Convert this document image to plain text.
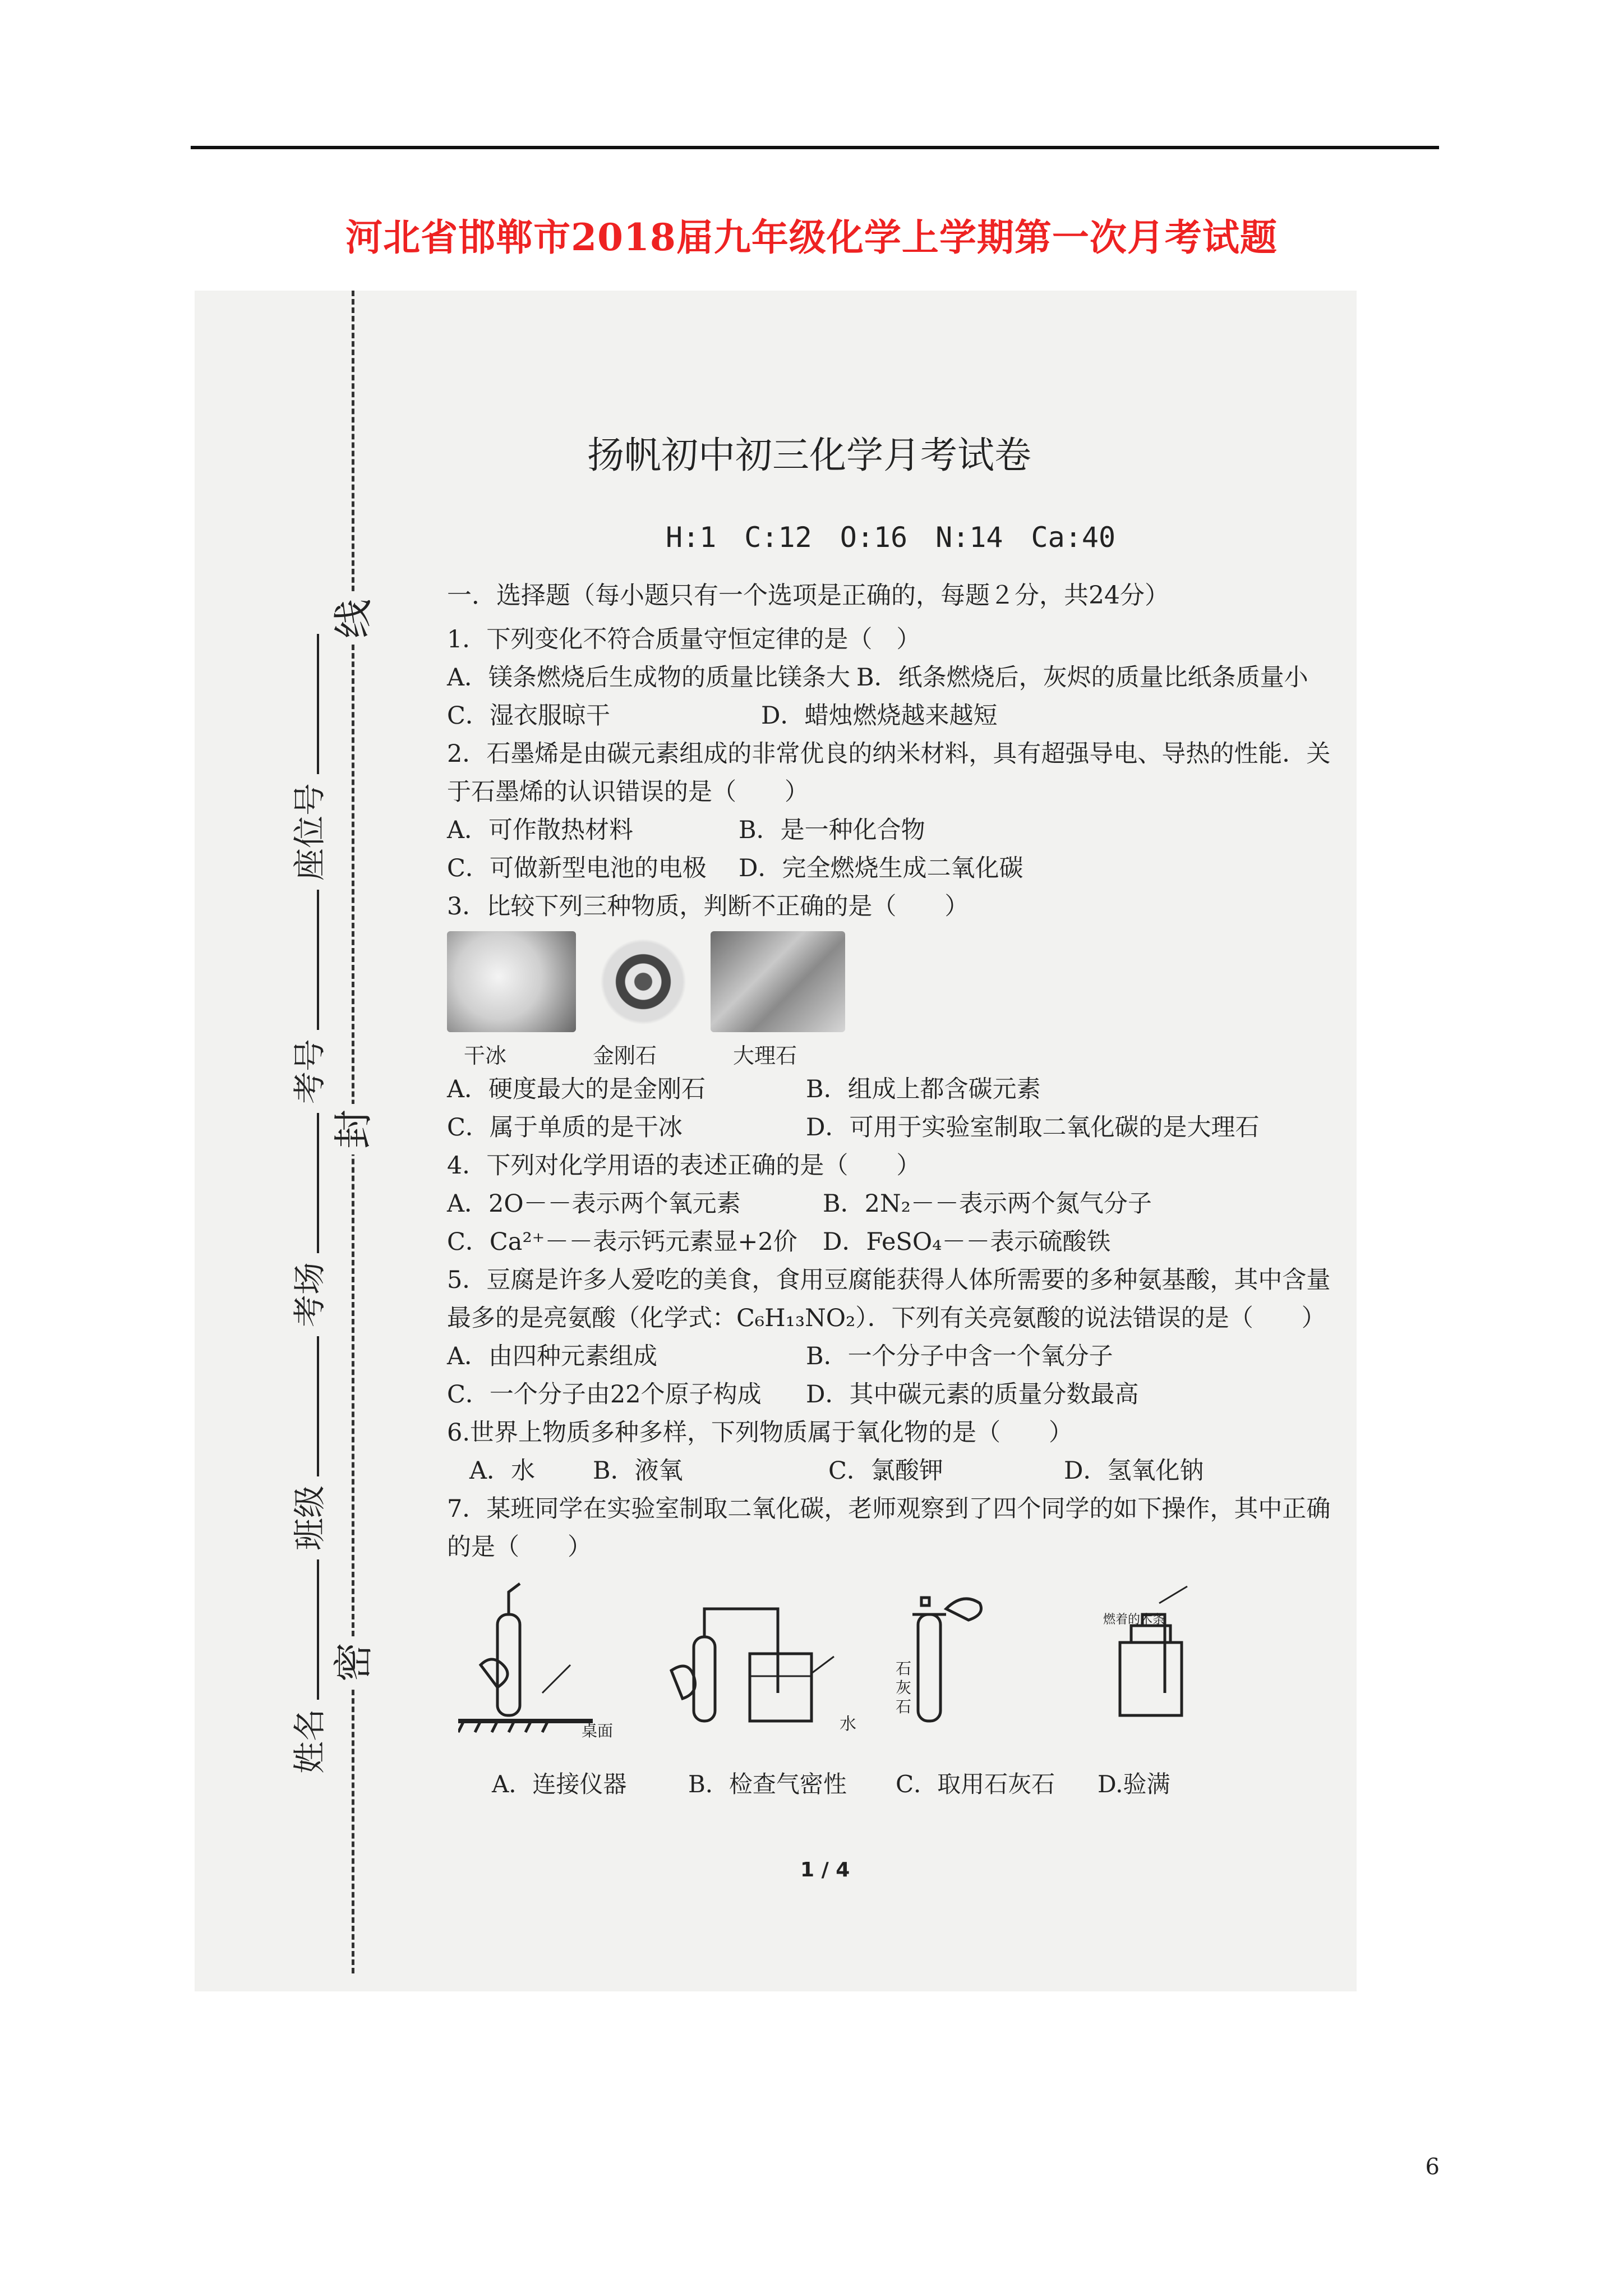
河北省邯郸市2018届九年级化学上学期第一次月考试题
线
封
密
姓名
班级
考场
考号
座位号
扬帆初中初三化学月考试卷
H:1　C:12　O:16　N:14　Ca:40
一．选择题（每小题只有一个选项是正确的，每题２分，共24分）
1．下列变化不符合质量守恒定律的是（　）
A．镁条燃烧后生成物的质量比镁条大 B．纸条燃烧后，灰烬的质量比纸条质量小
C．湿衣服晾干	D．蜡烛燃烧越来越短
2．石墨烯是由碳元素组成的非常优良的纳米材料，具有超强导电、导热的性能．关
于石墨烯的认识错误的是（　　）
A．可作散热材料	B．是一种化合物
C．可做新型电池的电极	D．完全燃烧生成二氧化碳
3．比较下列三种物质，判断不正确的是（　　）
干冰	金刚石	大理石
A．硬度最大的是金刚石	B．组成上都含碳元素
C．属于单质的是干冰	D．可用于实验室制取二氧化碳的是大理石
4．下列对化学用语的表述正确的是（　　）
A．2O－－表示两个氧元素	B．2N₂－－表示两个氮气分子
C．Ca²⁺－－表示钙元素显+2价	D．FeSO₄－－表示硫酸铁
5．豆腐是许多人爱吃的美食，食用豆腐能获得人体所需要的多种氨基酸，其中含量
最多的是亮氨酸（化学式：C₆H₁₃NO₂）．下列有关亮氨酸的说法错误的是（　　）
A．由四种元素组成	B．一个分子中含一个氧分子
C．一个分子由22个原子构成	D．其中碳元素的质量分数最高
6.世界上物质多种多样，下列物质属于氧化物的是（　　）
A．水	B．液氧	C．氯酸钾	D．氢氧化钠
7．某班同学在实验室制取二氧化碳，老师观察到了四个同学的如下操作，其中正确
的是（　　）
桌面	水
石灰石
燃着的木条
A．连接仪器	B．检查气密性 C．取用石灰石 D.验满
1 / 4
6
